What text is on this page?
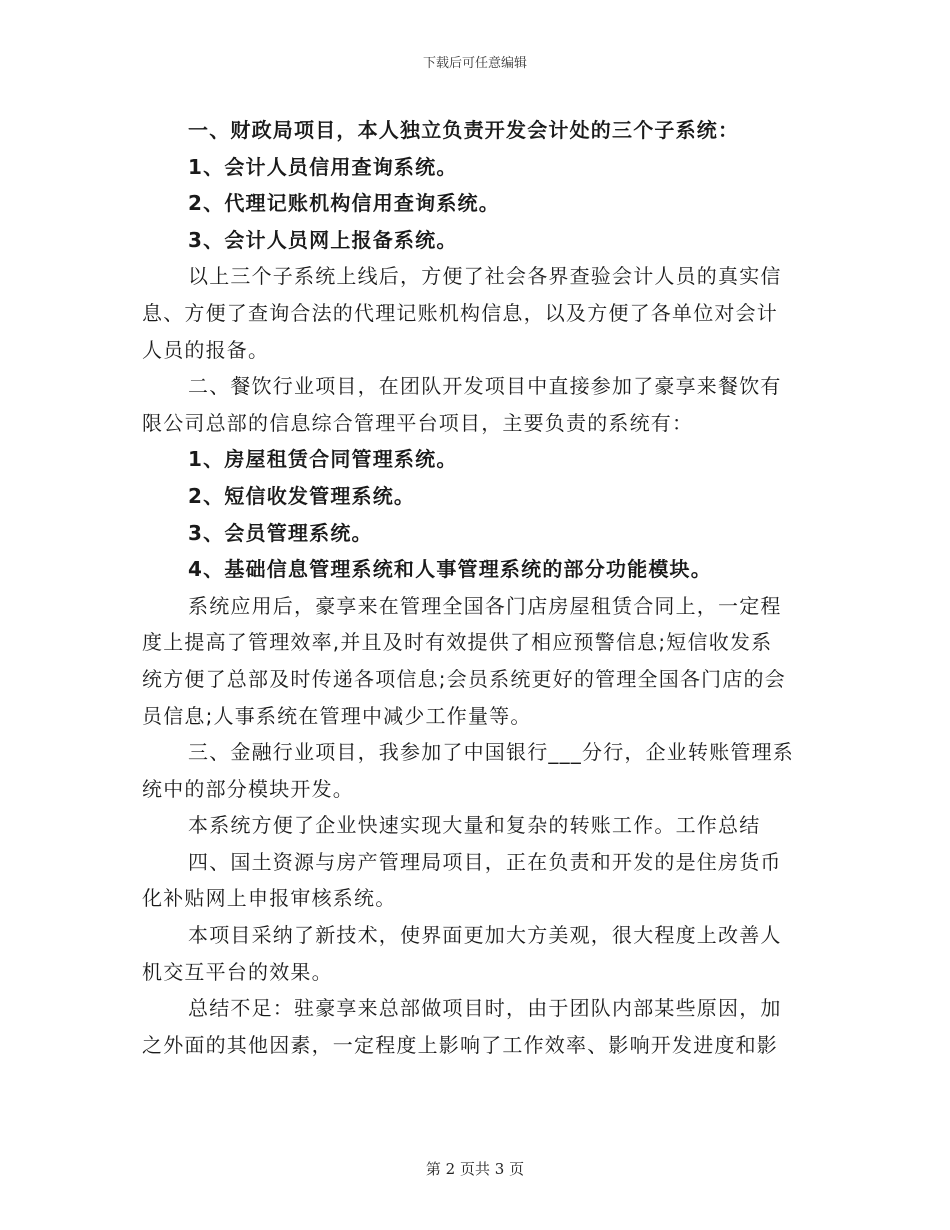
下载后可任意编辑
一、财政局项目，本人独立负责开发会计处的三个子系统：
1、会计人员信用查询系统。
2、代理记账机构信用查询系统。
3、会计人员网上报备系统。
以上三个子系统上线后，方便了社会各界查验会计人员的真实信
息、方便了查询合法的代理记账机构信息，以及方便了各单位对会计
人员的报备。
二、餐饮行业项目，在团队开发项目中直接参加了豪享来餐饮有
限公司总部的信息综合管理平台项目，主要负责的系统有：
1、房屋租赁合同管理系统。
2、短信收发管理系统。
3、会员管理系统。
4、基础信息管理系统和人事管理系统的部分功能模块。
系统应用后，豪享来在管理全国各门店房屋租赁合同上，一定程
度上提高了管理效率,并且及时有效提供了相应预警信息;短信收发系
统方便了总部及时传递各项信息;会员系统更好的管理全国各门店的会
员信息;人事系统在管理中减少工作量等。
三、金融行业项目，我参加了中国银行___分行，企业转账管理系
统中的部分模块开发。
本系统方便了企业快速实现大量和复杂的转账工作。工作总结
四、国土资源与房产管理局项目，正在负责和开发的是住房货币
化补贴网上申报审核系统。
本项目采纳了新技术，使界面更加大方美观，很大程度上改善人
机交互平台的效果。
总结不足：驻豪享来总部做项目时，由于团队内部某些原因，加
之外面的其他因素，一定程度上影响了工作效率、影响开发进度和影
第 2 页共 3 页
